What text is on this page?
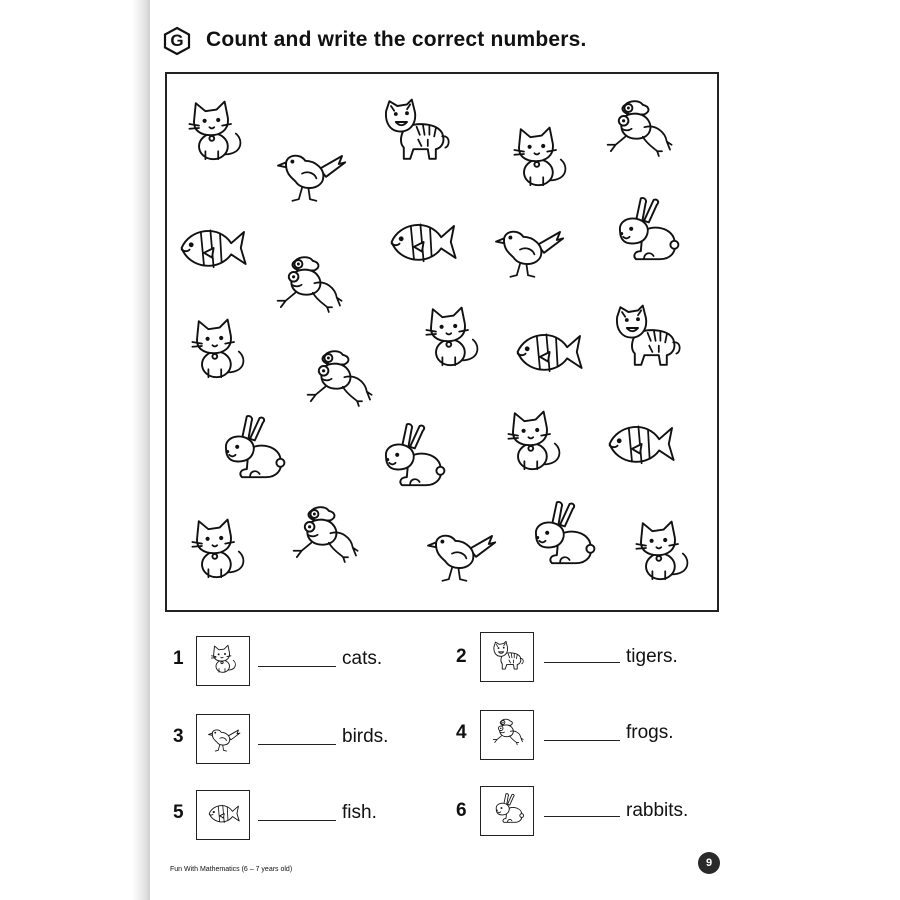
G	Count and write the correct numbers.
1	cats.	2	tigers.
3	birds.	4	frogs.
5	fish.	6	rabbits.
Fun With Mathematics (6 – 7 years old)
9
